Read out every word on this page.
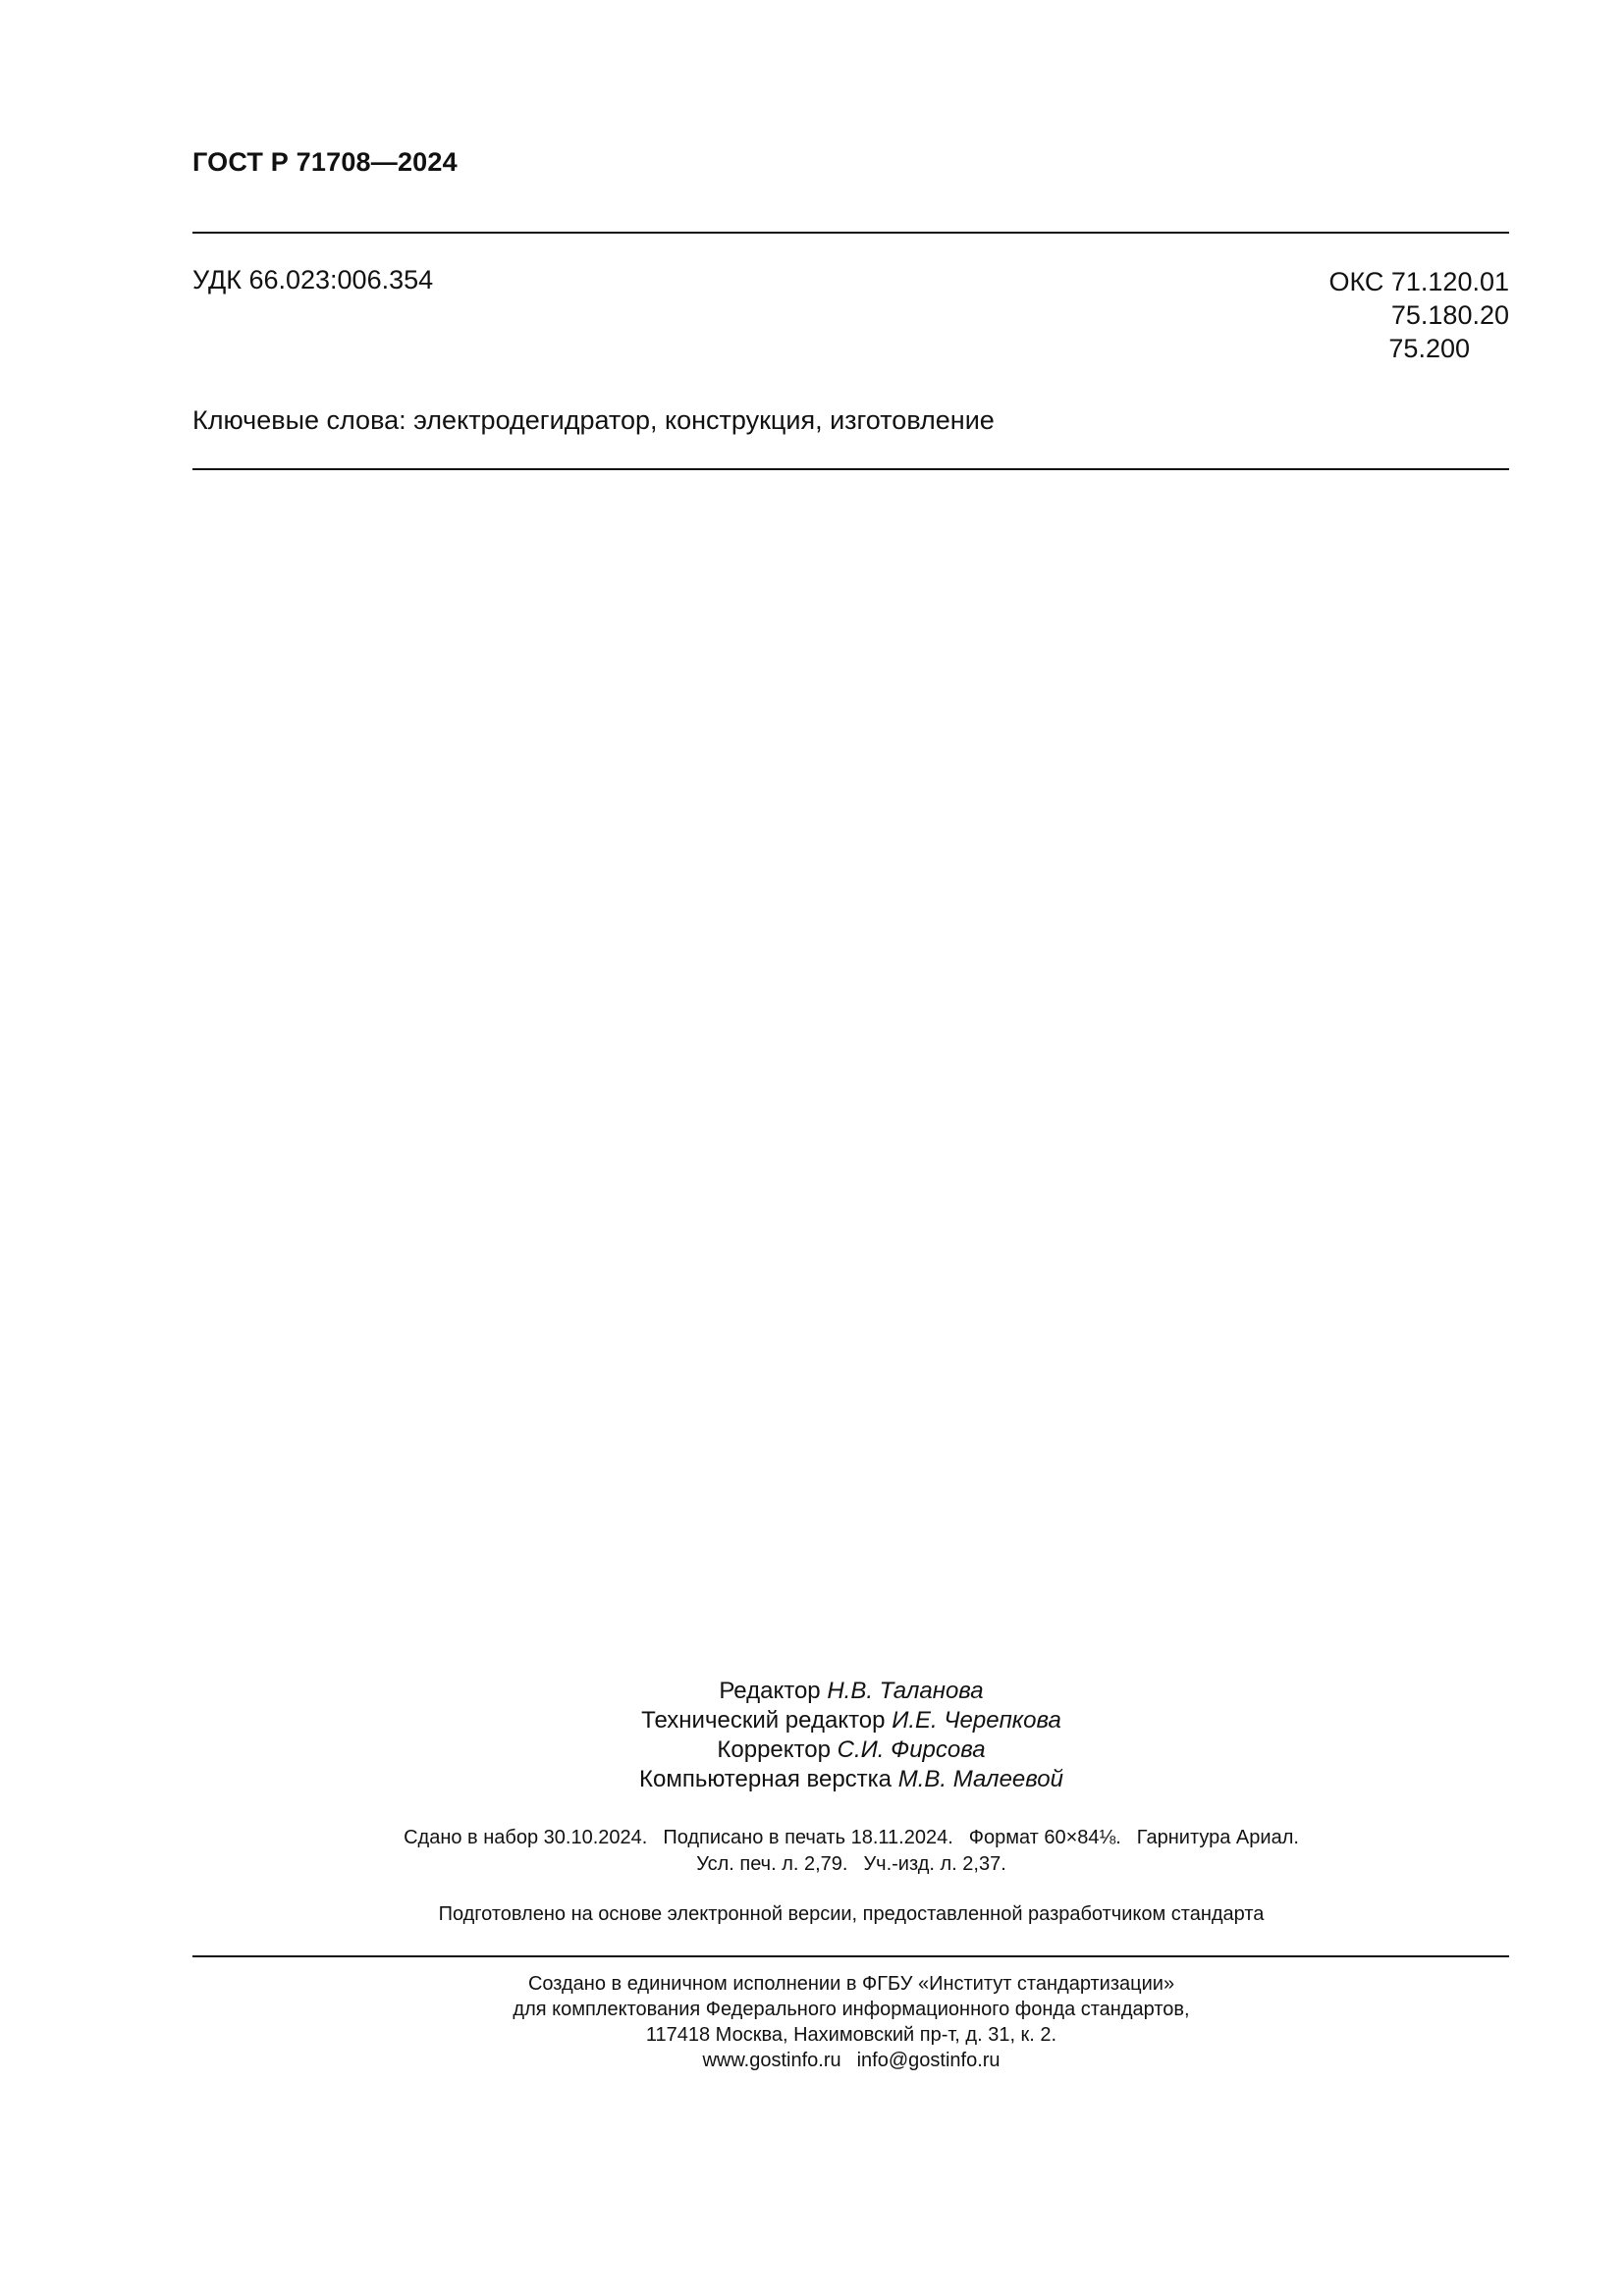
ГОСТ Р 71708—2024
УДК 66.023:006.354	ОКС 71.120.01
75.180.20
75.200
Ключевые слова: электродегидратор, конструкция, изготовление
Редактор Н.В. Таланова
Технический редактор И.Е. Черепкова
Корректор С.И. Фирсова
Компьютерная верстка М.В. Малеевой
Сдано в набор 30.10.2024. Подписано в печать 18.11.2024. Формат 60×84⅛. Гарнитура Ариал.
Усл. печ. л. 2,79. Уч.-изд. л. 2,37.
Подготовлено на основе электронной версии, предоставленной разработчиком стандарта
Создано в единичном исполнении в ФГБУ «Институт стандартизации»
для комплектования Федерального информационного фонда стандартов,
117418 Москва, Нахимовский пр-т, д. 31, к. 2.
www.gostinfo.ru info@gostinfo.ru
